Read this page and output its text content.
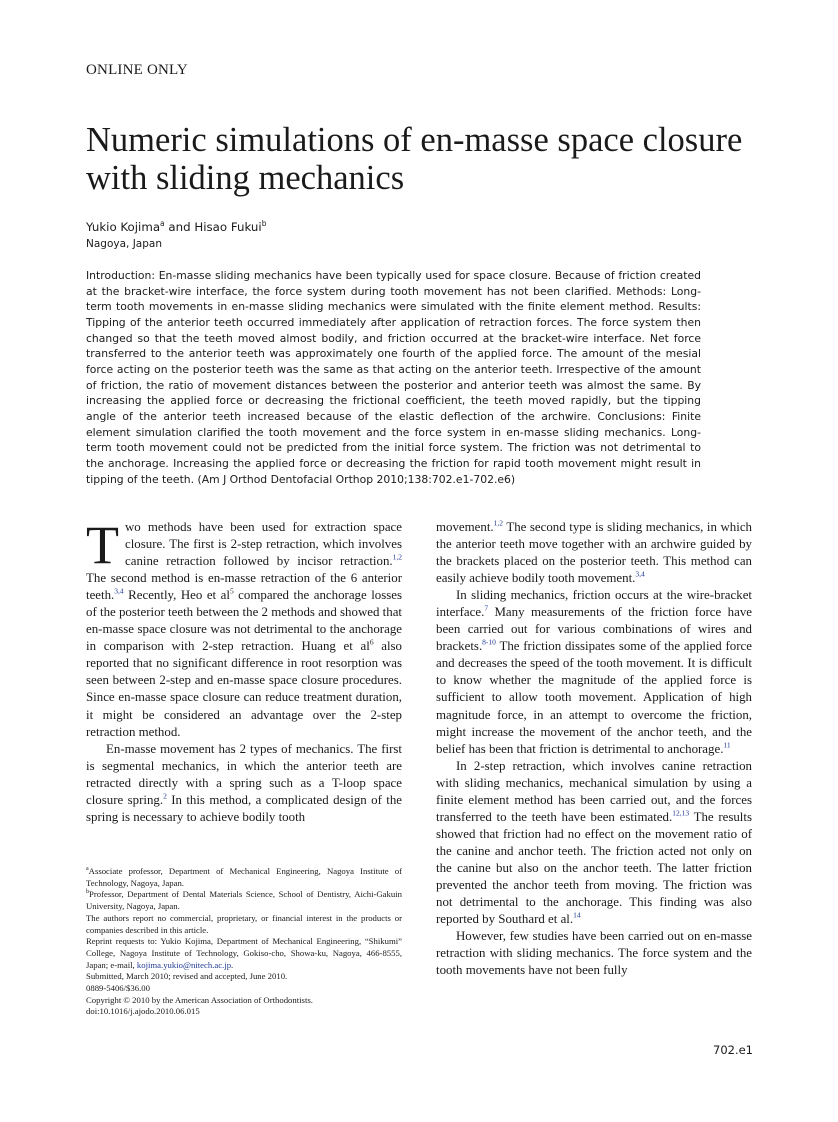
ONLINE ONLY
Numeric simulations of en-masse space closure with sliding mechanics
Yukio Kojima$^a$ and Hisao Fukui$^b$
Nagoya, Japan

Introduction: En-masse sliding mechanics have been typically used for space closure. Because of friction created at the bracket-wire interface, the force system during tooth movement has not been clarified. Methods: Long-term tooth movements in en-masse sliding mechanics were simulated with the finite element method. Results: Tipping of the anterior teeth occurred immediately after application of retraction forces. The force system then changed so that the teeth moved almost bodily, and friction occurred at the bracket-wire interface. Net force transferred to the anterior teeth was approximately one fourth of the applied force. The amount of the mesial force acting on the posterior teeth was the same as that acting on the anterior teeth. Irrespective of the amount of friction, the ratio of movement distances between the posterior and anterior teeth was almost the same. By increasing the applied force or decreasing the frictional coefficient, the teeth moved rapidly, but the tipping angle of the anterior teeth increased because of the elastic deflection of the archwire. Conclusions: Finite element simulation clarified the tooth movement and the force system in en-masse sliding mechanics. Long-term tooth movement could not be predicted from the initial force system. The friction was not detrimental to the anchorage. Increasing the applied force or decreasing the friction for rapid tooth movement might result in tipping of the teeth. (Am J Orthod Dentofacial Orthop 2010;138:702.e1-702.e6)

Two methods have been used for extraction space closure. The first is 2-step retraction, which involves canine retraction followed by incisor retraction.$^{1,2}$ The second method is en-masse retraction of the 6 anterior teeth.$^{3,4}$ Recently, Heo et $al^5$ compared the anchorage losses of the posterior teeth between the 2 methods and showed that en-masse space closure was not detrimental to the anchorage in comparison with 2-step retraction. Huang et $al^6$ also reported that no significant difference in root resorption was seen between 2-step and en-masse space closure procedures. Since en-masse space closure can reduce treatment duration, it might be considered an advantage over the 2-step retraction method.

En-masse movement has 2 types of mechanics. The first is segmental mechanics, in which the anterior teeth are retracted directly with a spring such as a T-loop space closure spring.$^2$ In this method, a complicated design of the spring is necessary to achieve bodily tooth

movement.$^{1,2}$ The second type is sliding mechanics, in which the anterior teeth move together with an archwire guided by the brackets placed on the posterior teeth. This method can easily achieve bodily tooth movement.$^{3,4}$

In sliding mechanics, friction occurs at the wire-bracket interface.$^7$ Many measurements of the friction force have been carried out for various combinations of wires and brackets.$^{8-10}$ The friction dissipates some of the applied force and decreases the speed of the tooth movement. It is difficult to know whether the magnitude of the applied force is sufficient to allow tooth movement. Application of high magnitude force, in an attempt to overcome the friction, might increase the movement of the anchor teeth, and the belief has been that friction is detrimental to anchorage.$^{11}$

In 2-step retraction, which involves canine retraction with sliding mechanics, mechanical simulation by using a finite element method has been carried out, and the forces transferred to the teeth have been estimated.$^{12,13}$ The results showed that friction had no effect on the movement ratio of the canine and anchor teeth. The friction acted not only on the canine but also on the anchor teeth. The latter friction prevented the anchor teeth from moving. The friction was not detrimental to the anchorage. This finding was also reported by Southard et al.$^{14}$

However, few studies have been carried out on en-masse retraction with sliding mechanics. The force system and the tooth movements have not been fully

$^a$Associate professor, Department of Mechanical Engineering, Nagoya Institute of Technology, Nagoya, Japan.
$^b$Professor, Department of Dental Materials Science, School of Dentistry, Aichi-Gakuin University, Nagoya, Japan.
The authors report no commercial, proprietary, or financial interest in the products or companies described in this article.
Reprint requests to: Yukio Kojima, Department of Mechanical Engineering, “Shikumi” College, Nagoya Institute of Technology, Gokiso-cho, Showa-ku, Nagoya, 466-8555, Japan; e-mail, kojima.yukio@nitech.ac.jp.
Submitted, March 2010; revised and accepted, June 2010.
0889-5406/$36.00
Copyright © 2010 by the American Association of Orthodontists.
doi:10.1016/j.ajodo.2010.06.015
702.e1
